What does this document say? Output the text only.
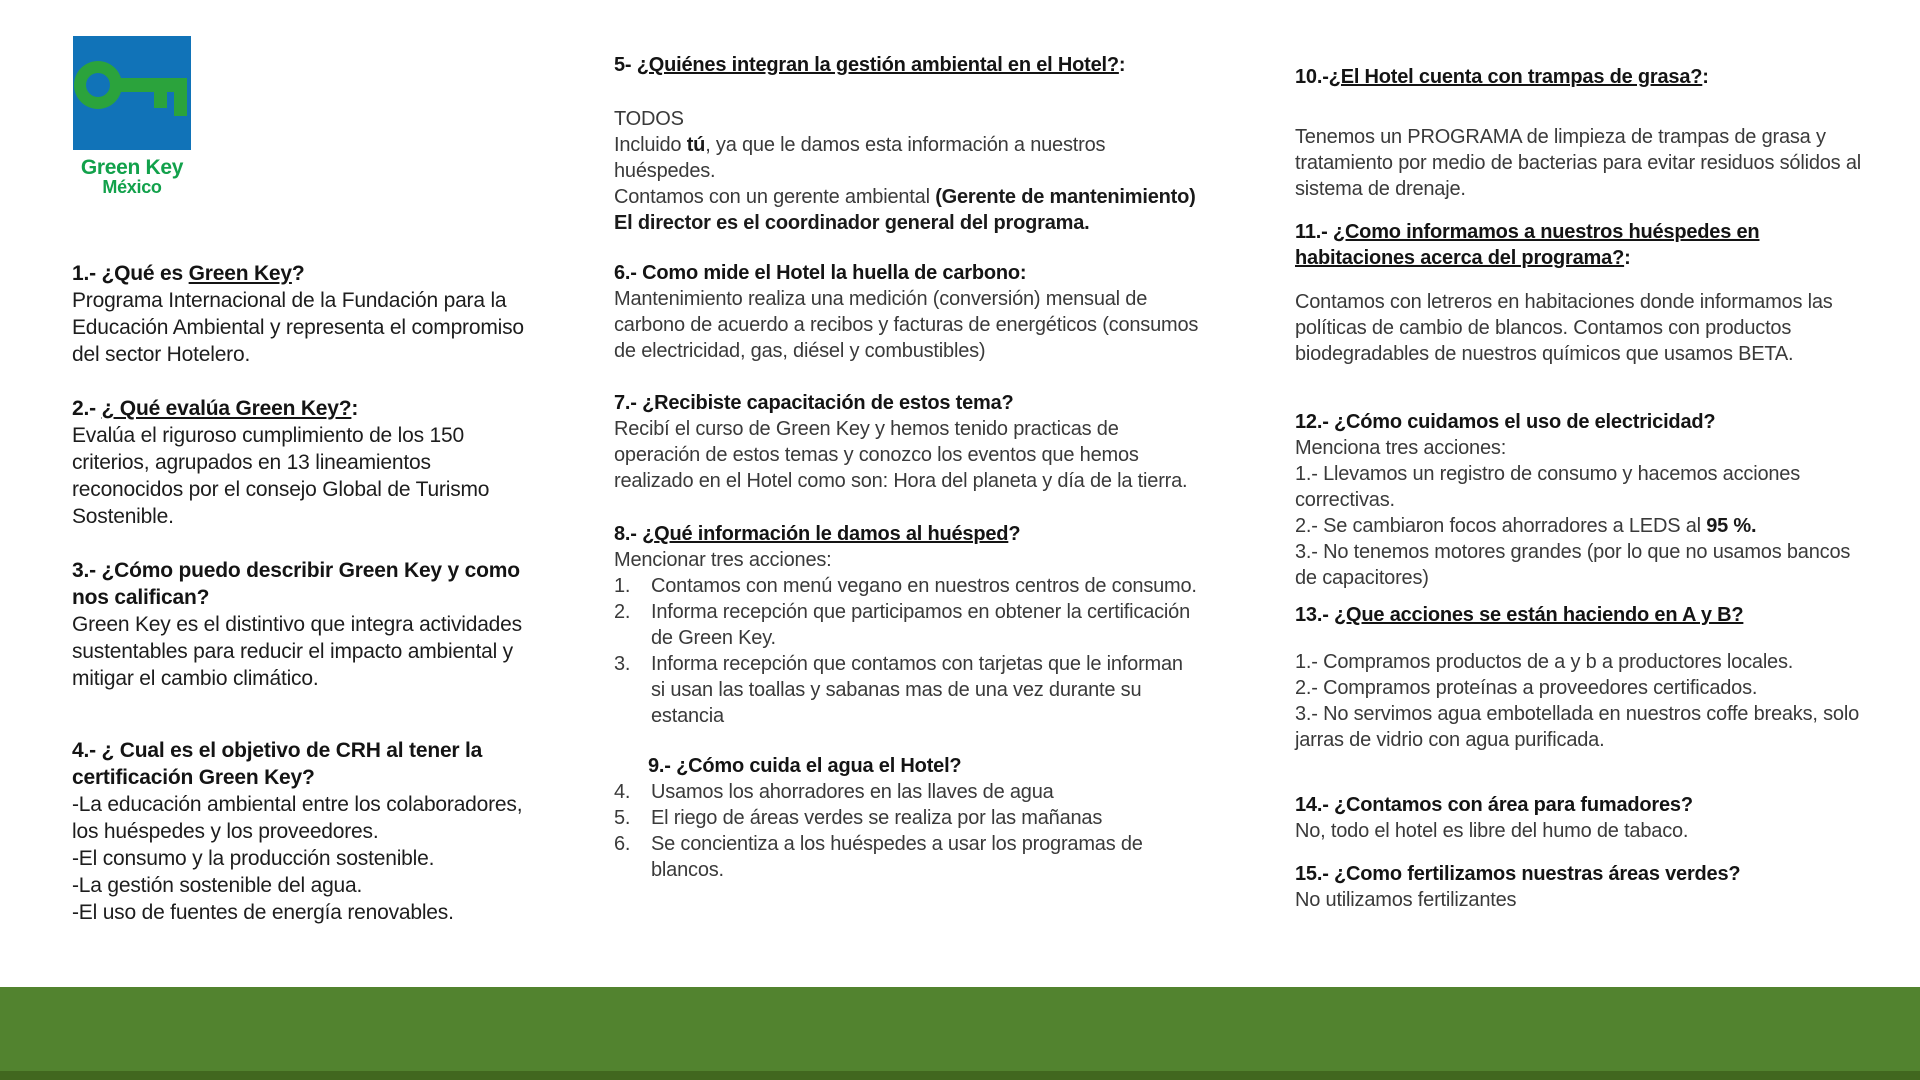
Green Key
México
1.- ¿Qué es Green Key?
Programa Internacional de la Fundación para la Educación Ambiental y representa el compromiso del sector Hotelero.
2.- ¿ Qué evalúa Green Key?:
Evalúa el riguroso cumplimiento de los 150 criterios, agrupados en 13 lineamientos reconocidos por el consejo Global de Turismo Sostenible.
3.- ¿Cómo puedo describir Green Key y como nos califican?
Green Key es el distintivo que integra actividades sustentables para reducir el impacto ambiental y mitigar el cambio climático.
4.- ¿ Cual es el objetivo de CRH al tener la certificación Green Key?
-La educación ambiental entre los colaboradores, los huéspedes y los proveedores.
-El consumo y la producción sostenible.
-La gestión sostenible del agua.
-El uso de fuentes de energía renovables.
5- ¿Quiénes integran la gestión ambiental en el Hotel?:
TODOS
Incluido tú, ya que le damos esta información a nuestros huéspedes.
Contamos con un gerente ambiental (Gerente de mantenimiento)
El director es el coordinador general del programa.
6.- Como mide el Hotel la huella de carbono:
Mantenimiento realiza una medición (conversión) mensual de carbono de acuerdo a recibos y facturas de energéticos (consumos de electricidad, gas, diésel y combustibles)
7.- ¿Recibiste capacitación de estos tema?
Recibí el curso de Green Key y hemos tenido practicas de operación de estos temas y conozco los eventos que hemos realizado en el Hotel como son: Hora del planeta y día de la tierra.
8.- ¿Qué información le damos al huésped?
Mencionar tres acciones:
1.	Contamos con menú vegano en nuestros centros de consumo.
2.	Informa recepción que participamos en obtener la certificación de Green Key.
3.	Informa recepción que contamos con tarjetas que le informan si usan las toallas y sabanas mas de una vez durante su estancia
9.- ¿Cómo cuida el agua el Hotel?
4.	Usamos los ahorradores en las llaves de agua
5.	El riego de áreas verdes se realiza por las mañanas
6.	Se concientiza a los huéspedes a usar los programas de blancos.
10.-¿El Hotel cuenta con trampas de grasa?:
Tenemos un PROGRAMA de limpieza de trampas de grasa y tratamiento por medio de bacterias para evitar residuos sólidos al sistema de drenaje.
11.- ¿Como informamos a nuestros huéspedes en habitaciones acerca del programa?:
Contamos con letreros en habitaciones donde informamos las políticas de cambio de blancos. Contamos con productos biodegradables de nuestros químicos que usamos BETA.
12.- ¿Cómo cuidamos el uso de electricidad?
Menciona tres acciones:
1.- Llevamos un registro de consumo y hacemos acciones correctivas.
2.- Se cambiaron focos ahorradores a LEDS al 95 %.
3.- No tenemos motores grandes (por lo que no usamos bancos de capacitores)
13.- ¿Que acciones se están haciendo en A y B?
1.- Compramos productos de a y b a productores locales.
2.- Compramos proteínas a proveedores certificados.
3.- No servimos agua embotellada en nuestros coffe breaks, solo jarras de vidrio con agua purificada.
14.- ¿Contamos con área para fumadores?
No, todo el hotel es libre del humo de tabaco.
15.- ¿Como fertilizamos nuestras áreas verdes?
No utilizamos fertilizantes
